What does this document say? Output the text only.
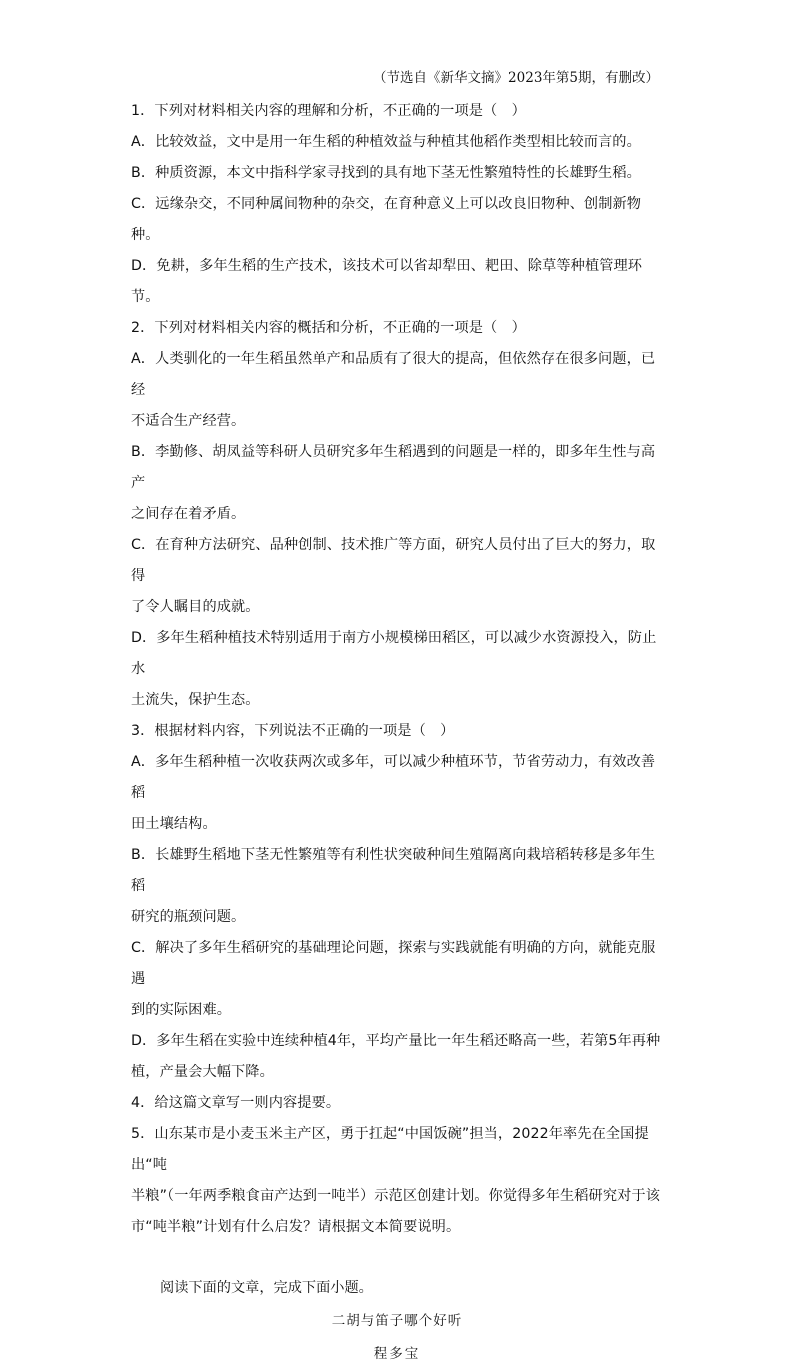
（节选自《新华文摘》2023年第5期，有删改）

1．下列对材料相关内容的理解和分析，不正确的一项是（　）

A．比较效益，文中是用一年生稻的种植效益与种植其他稻作类型相比较而言的。

B．种质资源，本文中指科学家寻找到的具有地下茎无性繁殖特性的长雄野生稻。

C．远缘杂交，不同种属间物种的杂交，在育种意义上可以改良旧物种、创制新物种。

D．免耕，多年生稻的生产技术，该技术可以省却犁田、耙田、除草等种植管理环节。

2．下列对材料相关内容的概括和分析，不正确的一项是（　）

A．人类驯化的一年生稻虽然单产和品质有了很大的提高，但依然存在很多问题，已经

不适合生产经营。

B．李勤修、胡凤益等科研人员研究多年生稻遇到的问题是一样的，即多年生性与高产

之间存在着矛盾。

C．在育种方法研究、品种创制、技术推广等方面，研究人员付出了巨大的努力，取得

了令人瞩目的成就。

D．多年生稻种植技术特别适用于南方小规模梯田稻区，可以减少水资源投入，防止水

土流失，保护生态。

3．根据材料内容，下列说法不正确的一项是（　）

A．多年生稻种植一次收获两次或多年，可以减少种植环节，节省劳动力，有效改善稻

田土壤结构。

B．长雄野生稻地下茎无性繁殖等有利性状突破种间生殖隔离向栽培稻转移是多年生稻

研究的瓶颈问题。

C．解决了多年生稻研究的基础理论问题，探索与实践就能有明确的方向，就能克服遇

到的实际困难。

D．多年生稻在实验中连续种植4年，平均产量比一年生稻还略高一些，若第5年再种

植，产量会大幅下降。

4．给这篇文章写一则内容提要。

5．山东某市是小麦玉米主产区，勇于扛起“中国饭碗”担当，2022年率先在全国提出“吨

半粮”（一年两季粮食亩产达到一吨半）示范区创建计划。你觉得多年生稻研究对于该

市“吨半粮”计划有什么启发？请根据文本简要说明。

阅读下面的文章，完成下面小题。

二胡与笛子哪个好听
程多宝
